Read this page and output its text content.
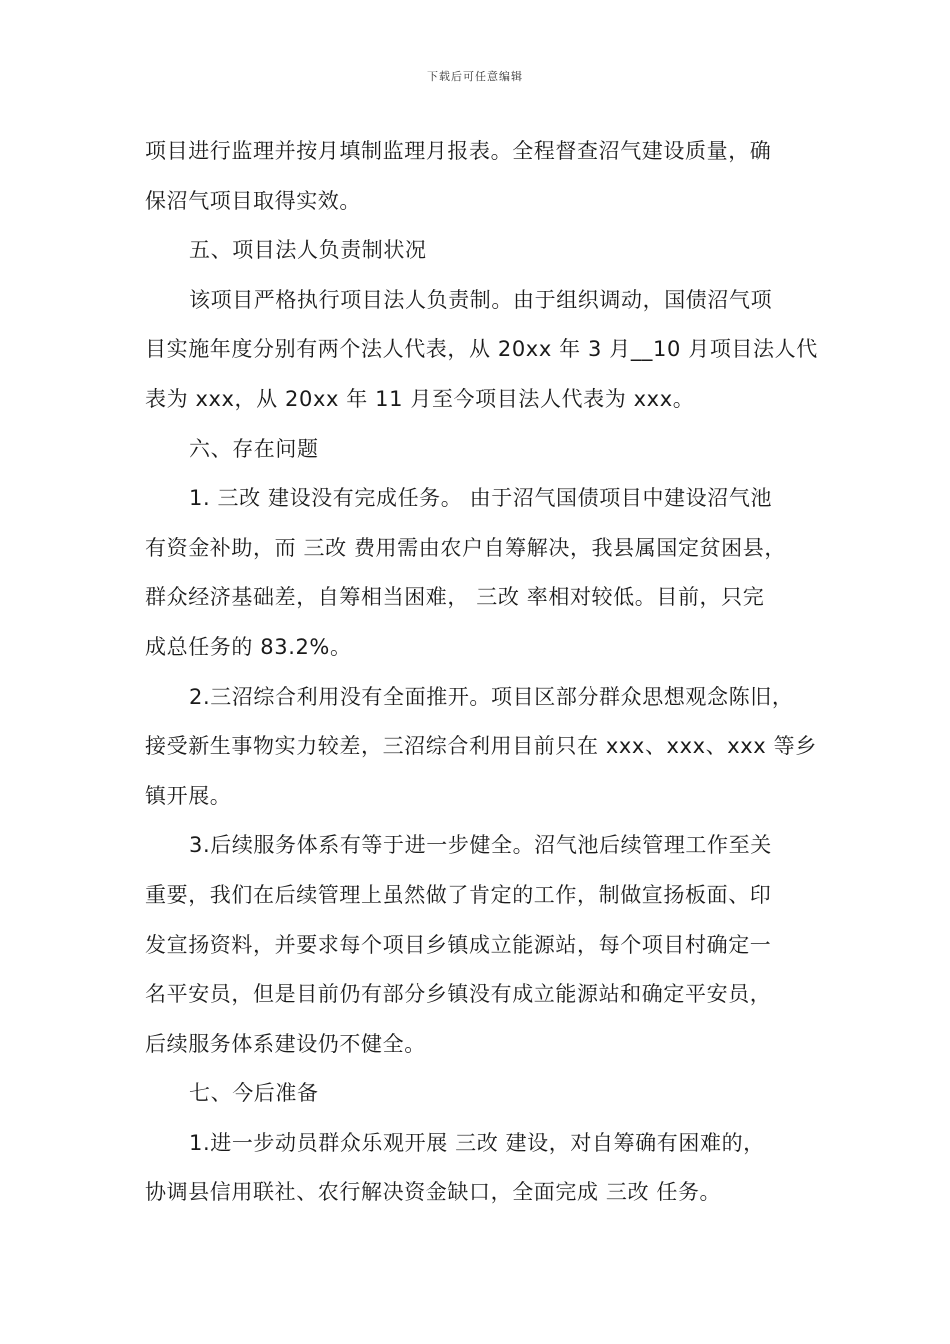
下载后可任意编辑
项目进行监理并按月填制监理月报表。全程督查沼气建设质量，确
保沼气项目取得实效。
五、项目法人负责制状况
该项目严格执行项目法人负责制。由于组织调动，国债沼气项
目实施年度分别有两个法人代表，从 20xx 年 3 月__10 月项目法人代
表为 xxx，从 20xx 年 11 月至今项目法人代表为 xxx。
六、存在问题
1. 三改 建设没有完成任务。 由于沼气国债项目中建设沼气池
有资金补助，而 三改 费用需由农户自筹解决，我县属国定贫困县，
群众经济基础差，自筹相当困难， 三改 率相对较低。目前，只完
成总任务的 83.2%。
2.三沼综合利用没有全面推开。项目区部分群众思想观念陈旧，
接受新生事物实力较差，三沼综合利用目前只在 xxx、xxx、xxx 等乡
镇开展。
3.后续服务体系有等于进一步健全。沼气池后续管理工作至关
重要，我们在后续管理上虽然做了肯定的工作，制做宣扬板面、印
发宣扬资料，并要求每个项目乡镇成立能源站，每个项目村确定一
名平安员，但是目前仍有部分乡镇没有成立能源站和确定平安员，
后续服务体系建设仍不健全。
七、今后准备
1.进一步动员群众乐观开展 三改 建设，对自筹确有困难的，
协调县信用联社、农行解决资金缺口，全面完成 三改 任务。
